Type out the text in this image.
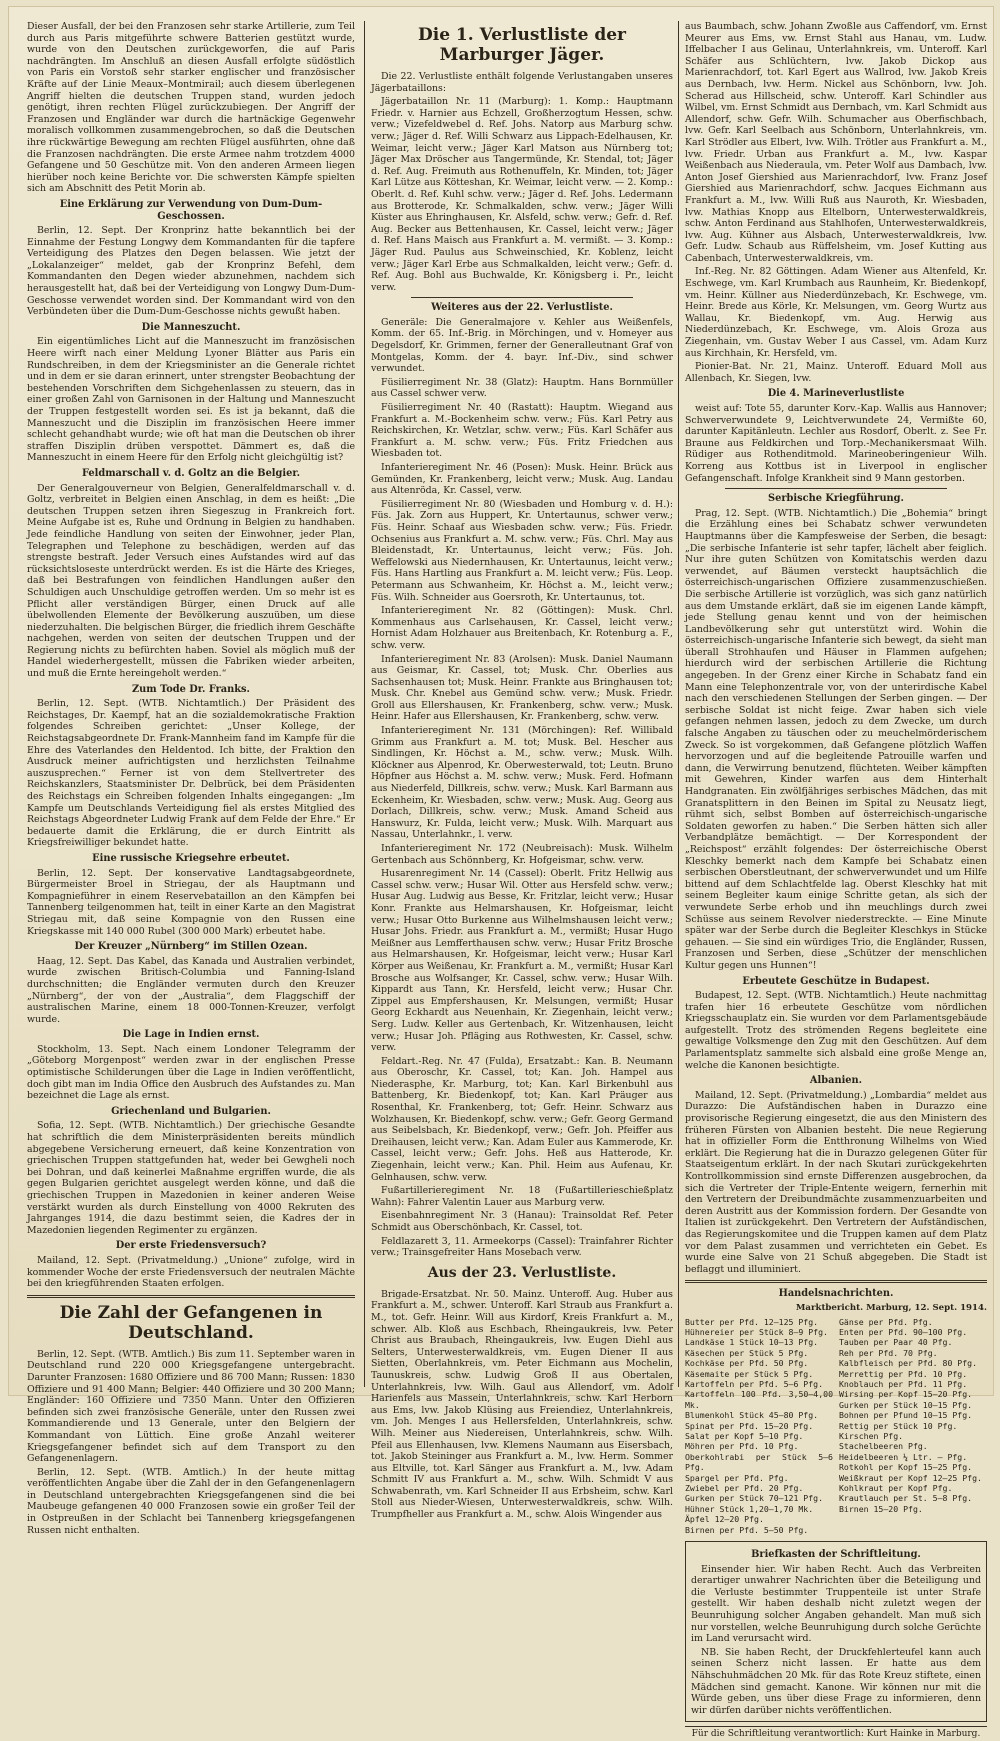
Dieser Ausfall, der bei den Franzosen sehr starke Artillerie, zum Teil durch aus Paris mitgeführte schwere Batterien gestützt wurde, wurde von den Deutschen zurückgeworfen, die auf Paris nachdrängten. Im Anschluß an diesen Ausfall erfolgte südöstlich von Paris ein Vorstoß sehr starker englischer und französischer Kräfte auf der Linie Meaux–Montmirail; auch diesem überlegenen Angriff hielten die deutschen Truppen stand, wurden jedoch genötigt, ihren rechten Flügel zurückzubiegen. Der Angriff der Franzosen und Engländer war durch die hartnäckige Gegenwehr moralisch vollkommen zusammengebrochen, so daß die Deutschen ihre rückwärtige Bewegung am rechten Flügel ausführten, ohne daß die Franzosen nachdrängten. Die erste Armee nahm trotzdem 4000 Gefangene und 50 Geschütze mit. Von den anderen Armeen liegen hierüber noch keine Berichte vor. Die schwersten Kämpfe spielten sich am Abschnitt des Petit Morin ab.

Eine Erklärung zur Verwendung von Dum-Dum-Geschossen.

Berlin, 12. Sept. Der Kronprinz hatte bekanntlich bei der Einnahme der Festung Longwy dem Kommandanten für die tapfere Verteidigung des Platzes den Degen belassen. Wie jetzt der „Lokalanzeiger“ meldet, gab der Kronprinz Befehl, dem Kommandanten den Degen wieder abzunehmen, nachdem sich herausgestellt hat, daß bei der Verteidigung von Longwy Dum-Dum-Geschosse verwendet worden sind. Der Kommandant wird von den Verbündeten über die Dum-Dum-Geschosse nichts gewußt haben.

Die Manneszucht.

Ein eigentümliches Licht auf die Manneszucht im französischen Heere wirft nach einer Meldung Lyoner Blätter aus Paris ein Rundschreiben, in dem der Kriegsminister an die Generale richtet und in dem er sie daran erinnert, unter strengster Beobachtung der bestehenden Vorschriften dem Sichgehenlassen zu steuern, das in einer großen Zahl von Garnisonen in der Haltung und Manneszucht der Truppen festgestellt worden sei. Es ist ja bekannt, daß die Manneszucht und die Disziplin im französischen Heere immer schlecht gehandhabt wurde; wie oft hat man die Deutschen ob ihrer straffen Disziplin drüben verspottet. Dämmert es, daß die Manneszucht in einem Heere für den Erfolg nicht gleichgültig ist?

Feldmarschall v. d. Goltz an die Belgier.

Der Generalgouverneur von Belgien, Generalfeldmarschall v. d. Goltz, verbreitet in Belgien einen Anschlag, in dem es heißt: „Die deutschen Truppen setzen ihren Siegeszug in Frankreich fort. Meine Aufgabe ist es, Ruhe und Ordnung in Belgien zu handhaben. Jede feindliche Handlung von seiten der Einwohner, jeder Plan, Telegraphen und Telephone zu beschädigen, werden auf das strengste bestraft. Jeder Versuch eines Aufstandes wird auf das rücksichtsloseste unterdrückt werden. Es ist die Härte des Krieges, daß bei Bestrafungen von feindlichen Handlungen außer den Schuldigen auch Unschuldige getroffen werden. Um so mehr ist es Pflicht aller verständigen Bürger, einen Druck auf alle übelwollenden Elemente der Bevölkerung auszuüben, um diese niederzuhalten. Die belgischen Bürger, die friedlich ihrem Geschäfte nachgehen, werden von seiten der deutschen Truppen und der Regierung nichts zu befürchten haben. Soviel als möglich muß der Handel wiederhergestellt, müssen die Fabriken wieder arbeiten, und muß die Ernte hereingeholt werden.“

Zum Tode Dr. Franks.

Berlin, 12. Sept. (WTB. Nichtamtlich.) Der Präsident des Reichstages, Dr. Kaempf, hat an die sozialdemokratische Fraktion folgendes Schreiben gerichtet: „Unser Kollege, der Reichstagsabgeordnete Dr. Frank-Mannheim fand im Kampfe für die Ehre des Vaterlandes den Heldentod. Ich bitte, der Fraktion den Ausdruck meiner aufrichtigsten und herzlichsten Teilnahme auszusprechen.“ Ferner ist von dem Stellvertreter des Reichskanzlers, Staatsminister Dr. Delbrück, bei dem Präsidenten des Reichstags ein Schreiben folgenden Inhalts eingegangen: „Im Kampfe um Deutschlands Verteidigung fiel als erstes Mitglied des Reichstags Abgeordneter Ludwig Frank auf dem Felde der Ehre.“ Er bedauerte damit die Erklärung, die er durch Eintritt als Kriegsfreiwilliger bekundet hatte.

Eine russische Kriegsehre erbeutet.

Berlin, 12. Sept. Der konservative Landtagsabgeordnete, Bürgermeister Broel in Striegau, der als Hauptmann und Kompagnieführer in einem Reservebataillon an den Kämpfen bei Tannenberg teilgenommen hat, teilt in einer Karte an den Magistrat Striegau mit, daß seine Kompagnie von den Russen eine Kriegskasse mit 140 000 Rubel (300 000 Mark) erbeutet habe.

Der Kreuzer „Nürnberg“ im Stillen Ozean.

Haag, 12. Sept. Das Kabel, das Kanada und Australien verbindet, wurde zwischen Britisch-Columbia und Fanning-Island durchschnitten; die Engländer vermuten durch den Kreuzer „Nürnberg“, der von der „Australia“, dem Flaggschiff der australischen Marine, einem 18 000-Tonnen-Kreuzer, verfolgt wurde.

Die Lage in Indien ernst.

Stockholm, 13. Sept. Nach einem Londoner Telegramm der „Göteborg Morgenpost“ werden zwar in der englischen Presse optimistische Schilderungen über die Lage in Indien veröffentlicht, doch gibt man im India Office den Ausbruch des Aufstandes zu. Man bezeichnet die Lage als ernst.

Griechenland und Bulgarien.

Sofia, 12. Sept. (WTB. Nichtamtlich.) Der griechische Gesandte hat schriftlich die dem Ministerpräsidenten bereits mündlich abgegebene Versicherung erneuert, daß keine Konzentration von griechischen Truppen stattgefunden hat, weder bei Gewgheli noch bei Dohran, und daß keinerlei Maßnahme ergriffen wurde, die als gegen Bulgarien gerichtet ausgelegt werden könne, und daß die griechischen Truppen in Mazedonien in keiner anderen Weise verstärkt wurden als durch Einstellung von 4000 Rekruten des Jahrganges 1914, die dazu bestimmt seien, die Kadres der in Mazedonien liegenden Regimenter zu ergänzen.

Der erste Friedensversuch?

Mailand, 12. Sept. (Privatmeldung.) „Unione“ zufolge, wird in kommender Woche der erste Friedensversuch der neutralen Mächte bei den kriegführenden Staaten erfolgen.

Die Zahl der Gefangenen in Deutschland.

Berlin, 12. Sept. (WTB. Amtlich.) Bis zum 11. September waren in Deutschland rund 220 000 Kriegsgefangene untergebracht. Darunter Franzosen: 1680 Offiziere und 86 700 Mann; Russen: 1830 Offiziere und 91 400 Mann; Belgier: 440 Offiziere und 30 200 Mann; Engländer: 160 Offiziere und 7350 Mann. Unter den Offizieren befinden sich zwei französische Generäle, unter den Russen zwei Kommandierende und 13 Generale, unter den Belgiern der Kommandant von Lüttich. Eine große Anzahl weiterer Kriegsgefangener befindet sich auf dem Transport zu den Gefangenenlagern.

Berlin, 12. Sept. (WTB. Amtlich.) In der heute mittag veröffentlichten Angabe über die Zahl der in den Gefangenenlagern in Deutschland untergebrachten Kriegsgefangenen sind die bei Maubeuge gefangenen 40 000 Franzosen sowie ein großer Teil der in Ostpreußen in der Schlacht bei Tannenberg kriegsgefangenen Russen nicht enthalten.

Die 1. Verlustliste der Marburger Jäger.

Die 22. Verlustliste enthält folgende Verlustangaben unseres Jägerbataillons:

Jägerbataillon Nr. 11 (Marburg): 1. Komp.: Hauptmann Friedr. v. Harnier aus Echzell, Großherzogtum Hessen, schw. verw.; Vizefeldwebel d. Ref. Johs. Natorp aus Marburg schw. verw.; Jäger d. Ref. Willi Schwarz aus Lippach-Edelhausen, Kr. Weimar, leicht verw.; Jäger Karl Matson aus Nürnberg tot; Jäger Max Dröscher aus Tangermünde, Kr. Stendal, tot; Jäger d. Ref. Aug. Freimuth aus Rothenuffeln, Kr. Minden, tot; Jäger Karl Lütze aus Kötteshan, Kr. Weimar, leicht verw. — 2. Komp.: Oberlt. d. Ref. Kuhl schw. verw.; Jäger d. Ref. Johs. Ledermann aus Brotterode, Kr. Schmalkalden, schw. verw.; Jäger Willi Küster aus Ehringhausen, Kr. Alsfeld, schw. verw.; Gefr. d. Ref. Aug. Becker aus Bettenhausen, Kr. Cassel, leicht verw.; Jäger d. Ref. Hans Maisch aus Frankfurt a. M. vermißt. — 3. Komp.: Jäger Rud. Paulus aus Schweinschied, Kr. Koblenz, leicht verw.; Jäger Karl Erbe aus Schmalkalden, leicht verw.; Gefr. d. Ref. Aug. Bohl aus Buchwalde, Kr. Königsberg i. Pr., leicht verw.

Weiteres aus der 22. Verlustliste.

Generäle: Die Generalmajore v. Kehler aus Weißenfels, Komm. der 65. Inf.-Brig. in Mörchingen, und v. Homeyer aus Degelsdorf, Kr. Grimmen, ferner der Generalleutnant Graf von Montgelas, Komm. der 4. bayr. Inf.-Div., sind schwer verwundet.

Füsilierregiment Nr. 38 (Glatz): Hauptm. Hans Bornmüller aus Cassel schwer verw.

Füsilierregiment Nr. 40 (Rastatt): Hauptm. Wiegand aus Frankfurt a. M.-Bockenheim schw. verw.; Füs. Karl Petry aus Reichskirchen, Kr. Wetzlar, schw. verw.; Füs. Karl Schäfer aus Frankfurt a. M. schw. verw.; Füs. Fritz Friedchen aus Wiesbaden tot.

Infanterieregiment Nr. 46 (Posen): Musk. Heinr. Brück aus Gemünden, Kr. Frankenberg, leicht verw.; Musk. Aug. Landau aus Altenröda, Kr. Cassel, verw.

Füsilierregiment Nr. 80 (Wiesbaden und Homburg v. d. H.): Füs. Jak. Zorn aus Huppert, Kr. Untertaunus, schwer verw.; Füs. Heinr. Schaaf aus Wiesbaden schw. verw.; Füs. Friedr. Ochsenius aus Frankfurt a. M. schw. verw.; Füs. Chrl. May aus Bleidenstadt, Kr. Untertaunus, leicht verw.; Füs. Joh. Weffelowski aus Niedernhausen, Kr. Untertaunus, leicht verw.; Füs. Hans Hartling aus Frankfurt a. M. leicht verw.; Füs. Leop. Petermann aus Schwanheim, Kr. Höchst a. M., leicht verw.; Füs. Wilh. Schneider aus Goersroth, Kr. Untertaunus, tot.

Infanterieregiment Nr. 82 (Göttingen): Musk. Chrl. Kommenhaus aus Carlsehausen, Kr. Cassel, leicht verw.; Hornist Adam Holzhauer aus Breitenbach, Kr. Rotenburg a. F., schw. verw.

Infanterieregiment Nr. 83 (Arolsen): Musk. Daniel Naumann aus Geismar, Kr. Cassel, tot; Musk. Chr. Oberlies aus Sachsenhausen tot; Musk. Heinr. Frankte aus Bringhausen tot; Musk. Chr. Knebel aus Gemünd schw. verw.; Musk. Friedr. Groll aus Ellershausen, Kr. Frankenberg, schw. verw.; Musk. Heinr. Hafer aus Ellershausen, Kr. Frankenberg, schw. verw.

Infanterieregiment Nr. 131 (Mörchingen): Ref. Willibald Grimm aus Frankfurt a. M. tot; Musk. Bel. Hescher aus Sindlingen, Kr. Höchst a. M., schw. verw.; Musk. Wilh. Klöckner aus Alpenrod, Kr. Oberwesterwald, tot; Leutn. Bruno Höpfner aus Höchst a. M. schw. verw.; Musk. Ferd. Hofmann aus Niederfeld, Dillkreis, schw. verw.; Musk. Karl Barmann aus Eckenheim, Kr. Wiesbaden, schw. verw.; Musk. Aug. Georg aus Dorlach, Dillkreis, schw. verw.; Musk. Amand Scheid aus Hanswurz, Kr. Fulda, leicht verw.; Musk. Wilh. Marquart aus Nassau, Unterlahnkr., l. verw.

Infanterieregiment Nr. 172 (Neubreisach): Musk. Wilhelm Gertenbach aus Schönnberg, Kr. Hofgeismar, schw. verw.

Husarenregiment Nr. 14 (Cassel): Oberlt. Fritz Hellwig aus Cassel schw. verw.; Husar Wil. Otter aus Hersfeld schw. verw.; Husar Aug. Ludwig aus Besse, Kr. Fritzlar, leicht verw.; Husar Konr. Frankte aus Helmarshausen, Kr. Hofgeismar, leicht verw.; Husar Otto Burkenne aus Wilhelmshausen leicht verw.; Husar Johs. Friedr. aus Frankfurt a. M., vermißt; Husar Hugo Meißner aus Lemfferthausen schw. verw.; Husar Fritz Brosche aus Helmarshausen, Kr. Hofgeismar, leicht verw.; Husar Karl Körper aus Weißenau, Kr. Frankfurt a. M., vermißt; Husar Karl Brosche aus Wolfsanger, Kr. Cassel, schw. verw.; Husar Wilh. Kippardt aus Tann, Kr. Hersfeld, leicht verw.; Husar Chr. Zippel aus Empfershausen, Kr. Melsungen, vermißt; Husar Georg Eckhardt aus Neuenhain, Kr. Ziegenhain, leicht verw.; Serg. Ludw. Keller aus Gertenbach, Kr. Witzenhausen, leicht verw.; Husar Joh. Pfläging aus Rothwesten, Kr. Cassel, schw. verw.

Feldart.-Reg. Nr. 47 (Fulda), Ersatzabt.: Kan. B. Neumann aus Oberoschr, Kr. Cassel, tot; Kan. Joh. Hampel aus Niederasphe, Kr. Marburg, tot; Kan. Karl Birkenbuhl aus Battenberg, Kr. Biedenkopf, tot; Kan. Karl Präuger aus Rosenthal, Kr. Frankenberg, tot; Gefr. Heinr. Schwarz aus Wolzhausen, Kr. Biedenkopf, schw. verw.; Gefr. Georg Germand aus Seibelsbach, Kr. Biedenkopf, verw.; Gefr. Joh. Pfeiffer aus Dreihausen, leicht verw.; Kan. Adam Euler aus Kammerode, Kr. Cassel, leicht verw.; Gefr. Johs. Heß aus Hatterode, Kr. Ziegenhain, leicht verw.; Kan. Phil. Heim aus Aufenau, Kr. Gelnhausen, schw. verw.

Fußartillerieregiment Nr. 18 (Fußartillerieschießplatz Wahn): Fahrer Valentin Lauer aus Marburg verw.

Eisenbahnregiment Nr. 3 (Hanau): Trainsoldat Ref. Peter Schmidt aus Oberschönbach, Kr. Cassel, tot.

Feldlazarett 3, 11. Armeekorps (Cassel): Trainfahrer Richter verw.; Trainsgefreiter Hans Mosebach verw.

Aus der 23. Verlustliste.

Brigade-Ersatzbat. Nr. 50. Mainz. Unteroff. Aug. Huber aus Frankfurt a. M., schwer. Unteroff. Karl Straub aus Frankfurt a. M., tot. Gefr. Heinr. Will aus Kirdorf, Kreis Frankfurt a. M., schwer. Alb. Kloß aus Eschbach, Rheingaukreis, lvw. Peter Christ aus Braubach, Rheingaukreis, lvw. Eugen Diehl aus Selters, Unterwesterwaldkreis, vm. Eugen Diener II aus Sietten, Oberlahnkreis, vm. Peter Eichmann aus Mochelin, Taunuskreis, schw. Ludwig Groß II aus Obertalen, Unterlahnkreis, lvw. Wilh. Gaul aus Allendorf, vm. Adolf Harienfels aus Massein, Unterlahnkreis, schw. Karl Herborn aus Ems, lvw. Jakob Klüsing aus Freiendiez, Unterlahnkreis, vm. Joh. Menges I aus Hellersfelden, Unterlahnkreis, schw. Wilh. Meiner aus Niedereisen, Unterlahnkreis, schw. Wilh. Pfeil aus Ellenhausen, lvw. Klemens Naumann aus Eisersbach, tot. Jakob Steininger aus Frankfurt a. M., lvw. Herm. Sommer aus Eltville, tot. Karl Sänger aus Frankfurt a. M., lvw. Adam Schmitt IV aus Frankfurt a. M., schw. Wilh. Schmidt V aus Schwabenrath, vm. Karl Schneider II aus Erbsheim, schw. Karl Stoll aus Nieder-Wiesen, Unterwesterwaldkreis, schw. Wilh. Trumpfheller aus Frankfurt a. M., schw. Alois Wingender aus

aus Baumbach, schw. Johann Zwoßle aus Caffendorf, vm. Ernst Meurer aus Ems, vw. Ernst Stahl aus Hanau, vm. Ludw. Iffelbacher I aus Gelinau, Unterlahnkreis, vm. Unteroff. Karl Schäfer aus Schlüchtern, lvw. Jakob Dickop aus Marienrachdorf, tot. Karl Egert aus Wallrod, lvw. Jakob Kreis aus Dernbach, lvw. Herm. Nickel aus Schönborn, lvw. Joh. Scherad aus Hillscheid, schw. Unteroff. Karl Schindler aus Wilbel, vm. Ernst Schmidt aus Dernbach, vm. Karl Schmidt aus Allendorf, schw. Gefr. Wilh. Schumacher aus Oberfischbach, lvw. Gefr. Karl Seelbach aus Schönborn, Unterlahnkreis, vm. Karl Strödler aus Elbert, lvw. Wilh. Trötler aus Frankfurt a. M., lvw. Friedr. Urban aus Frankfurt a. M., lvw. Kaspar Weißenbach aus Niederaula, vm. Peter Wolf aus Dambach, lvw. Anton Josef Giershied aus Marienrachdorf, lvw. Franz Josef Giershied aus Marienrachdorf, schw. Jacques Eichmann aus Frankfurt a. M., lvw. Willi Ruß aus Nauroth, Kr. Wiesbaden, lvw. Mathias Knopp aus Eltelborn, Unterwesterwaldkreis, schw. Anton Ferdinand aus Stahlhofen, Unterwesterwaldkreis, lvw. Aug. Kühner aus Alsbach, Unterwesterwaldkreis, lvw. Gefr. Ludw. Schaub aus Rüffelsheim, vm. Josef Kutting aus Cabenbach, Unterwesterwaldkreis, vm.

Inf.-Reg. Nr. 82 Göttingen. Adam Wiener aus Altenfeld, Kr. Eschwege, vm. Karl Krumbach aus Raunheim, Kr. Biedenkopf, vm. Heinr. Küllner aus Niederdünzebach, Kr. Eschwege, vm. Heinr. Brede aus Körle, Kr. Melsungen, vm. Georg Wurtz aus Wallau, Kr. Biedenkopf, vm. Aug. Herwig aus Niederdünzebach, Kr. Eschwege, vm. Alois Groza aus Ziegenhain, vm. Gustav Weber I aus Cassel, vm. Adam Kurz aus Kirchhain, Kr. Hersfeld, vm.

Pionier-Bat. Nr. 21, Mainz. Unteroff. Eduard Moll aus Allenbach, Kr. Siegen, lvw.

Die 4. Marineverlustliste

weist auf: Tote 55, darunter Korv.-Kap. Wallis aus Hannover; Schwerverwundete 9, Leichtverwundete 24, Vermißte 60, darunter Kapitänleutn. Lechler aus Rosdorf, Oberlt. z. See Fr. Braune aus Feldkirchen und Torp.-Mechanikersmaat Wilh. Rüdiger aus Rothenditmold. Marineoberingenieur Wilh. Korreng aus Kottbus ist in Liverpool in englischer Gefangenschaft. Infolge Krankheit sind 9 Mann gestorben.

Serbische Kriegführung.

Prag, 12. Sept. (WTB. Nichtamtlich.) Die „Bohemia“ bringt die Erzählung eines bei Schabatz schwer verwundeten Hauptmanns über die Kampfesweise der Serben, die besagt: „Die serbische Infanterie ist sehr tapfer, lächelt aber feiglich. Nur ihre guten Schützen von Komitatschis werden dazu verwendet, auf Bäumen versteckt hauptsächlich die österreichisch-ungarischen Offiziere zusammenzuschießen. Die serbische Artillerie ist vorzüglich, was sich ganz natürlich aus dem Umstande erklärt, daß sie im eigenen Lande kämpft, jede Stellung genau kennt und von der heimischen Landbevölkerung sehr gut unterstützt wird. Wohin die österreichisch-ungarische Infanterie sich bewegt, da sieht man überall Strohhaufen und Häuser in Flammen aufgehen; hierdurch wird der serbischen Artillerie die Richtung angegeben. In der Grenz einer Kirche in Schabatz fand ein Mann eine Telephonzentrale vor, von der unterirdische Kabel nach den verschiedenen Stellungen der Serben gingen. — Der serbische Soldat ist nicht feige. Zwar haben sich viele gefangen nehmen lassen, jedoch zu dem Zwecke, um durch falsche Angaben zu täuschen oder zu meuchelmörderischem Zweck. So ist vorgekommen, daß Gefangene plötzlich Waffen hervorzogen und auf die begleitende Patrouille warfen und dann, die Verwirrung benutzend, flüchteten. Weiber kämpften mit Gewehren, Kinder warfen aus dem Hinterhalt Handgranaten. Ein zwölfjähriges serbisches Mädchen, das mit Granatsplittern in den Beinen im Spital zu Neusatz liegt, rühmt sich, selbst Bomben auf österreichisch-ungarische Soldaten geworfen zu haben.“ Die Serben hätten sich aller Verbandplätze bemächtigt. — Der Korrespondent der „Reichspost“ erzählt folgendes: Der österreichische Oberst Kleschky bemerkt nach dem Kampfe bei Schabatz einen serbischen Oberstleutnant, der schwerverwundet und um Hilfe bittend auf dem Schlachtfelde lag. Oberst Kleschky hat mit seinem Begleiter kaum einige Schritte getan, als sich der verwundete Serbe erhob und ihn meuchlings durch zwei Schüsse aus seinem Revolver niederstreckte. — Eine Minute später war der Serbe durch die Begleiter Kleschkys in Stücke gehauen. — Sie sind ein würdiges Trio, die Engländer, Russen, Franzosen und Serben, diese „Schützer der menschlichen Kultur gegen uns Hunnen“!

Erbeutete Geschütze in Budapest.

Budapest, 12. Sept. (WTB. Nichtamtlich.) Heute nachmittag trafen hier 16 erbeutete Geschütze vom nördlichen Kriegsschauplatz ein. Sie wurden vor dem Parlamentsgebäude aufgestellt. Trotz des strömenden Regens begleitete eine gewaltige Volksmenge den Zug mit den Geschützen. Auf dem Parlamentsplatz sammelte sich alsbald eine große Menge an, welche die Kanonen besichtigte.

Albanien.

Mailand, 12. Sept. (Privatmeldung.) „Lombardia“ meldet aus Durazzo: Die Aufständischen haben in Durazzo eine provisorische Regierung eingesetzt, die aus den Ministern des früheren Fürsten von Albanien besteht. Die neue Regierung hat in offizieller Form die Entthronung Wilhelms von Wied erklärt. Die Regierung hat die in Durazzo gelegenen Güter für Staatseigentum erklärt. In der nach Skutari zurückgekehrten Kontrollkommission sind ernste Differenzen ausgebrochen, da sich die Vertreter der Triple-Entente weigern, fernerhin mit den Vertretern der Dreibundmächte zusammenzuarbeiten und deren Austritt aus der Kommission fordern. Der Gesandte von Italien ist zurückgekehrt. Den Vertretern der Aufständischen, das Regierungskomitee und die Truppen kamen auf dem Platz vor dem Palast zusammen und verrichteten ein Gebet. Es wurde eine Salve von 21 Schuß abgegeben. Die Stadt ist beflaggt und illuminiert.

Handelsnachrichten.
Marktbericht. Marburg, 12. Sept. 1914.
Butter per Pfd. 12—125 Pfg.
Hühnereier per Stück 8—9 Pfg.
Landkäse 1 Stück 10—13 Pfg.
Käsechen per Stück 5 Pfg.
Kochkäse per Pfd. 50 Pfg.
Käsemaite per Stück 5 Pfg.
Kartoffeln per Pfd. 5—6 Pfg.
Kartoffeln 100 Pfd. 3,50—4,00 Mk.
Blumenkohl Stück 45—80 Pfg.
Spinat per Pfd. 15—20 Pfg.
Salat per Kopf 5—10 Pfg.
Möhren per Pfd. 10 Pfg.
Oberkohlrabi per Stück 5—6 Pfg.
Spargel per Pfd. Pfg.
Zwiebel per Pfd. 20 Pfg.
Gurken per Stück 70—121 Pfg.
Hühner Stück 1,20—1,70 Mk.
Äpfel 12—20 Pfg.
Birnen per Pfd. 5—50 Pfg.
Gänse per Pfd. Pfg.
Enten per Pfd. 90—100 Pfg.
Tauben per Paar 40 Pfg.
Reh per Pfd. 70 Pfg.
Kalbfleisch per Pfd. 80 Pfg.
Merrettig per Pfd. 10 Pfg.
Knoblauch per Pfd. 11 Pfg.
Wirsing per Kopf 15—20 Pfg.
Gurken per Stück 10—15 Pfg.
Bohnen per Pfund 10—15 Pfg.
Rettig per Stück 10 Pfg.
Kirschen Pfg.
Stachelbeeren Pfg.
Heidelbeeren ¼ Ltr. — Pfg.
Rotkohl per Kopf 15—25 Pfg.
Weißkraut per Kopf 12—25 Pfg.
Kohlkraut per Kopf Pfg.
Krautlauch per St. 5—8 Pfg.
Birnen 15—20 Pfg.
Briefkasten der Schriftleitung.

Einsender hier. Wir haben Recht. Auch das Verbreiten derartiger unwahrer Nachrichten über die Beteiligung und die Verluste bestimmter Truppenteile ist unter Strafe gestellt. Wir haben deshalb nicht zuletzt wegen der Beunruhigung solcher Angaben gehandelt. Man muß sich nur vorstellen, welche Beunruhigung durch solche Gerüchte im Land verursacht wird.

NB. Sie haben Recht, der Druckfehlerteufel kann auch seinen Scherz nicht lassen. Er hatte aus dem Nähschuhmädchen 20 Mk. für das Rote Kreuz stiftete, einen Mädchen sind gemacht. Kanone. Wir können nur mit die Würde geben, uns über diese Frage zu informieren, denn wir dürfen darüber nichts veröffentlichen.

Für die Schriftleitung verantwortlich: Kurt Hainke in Marburg.
